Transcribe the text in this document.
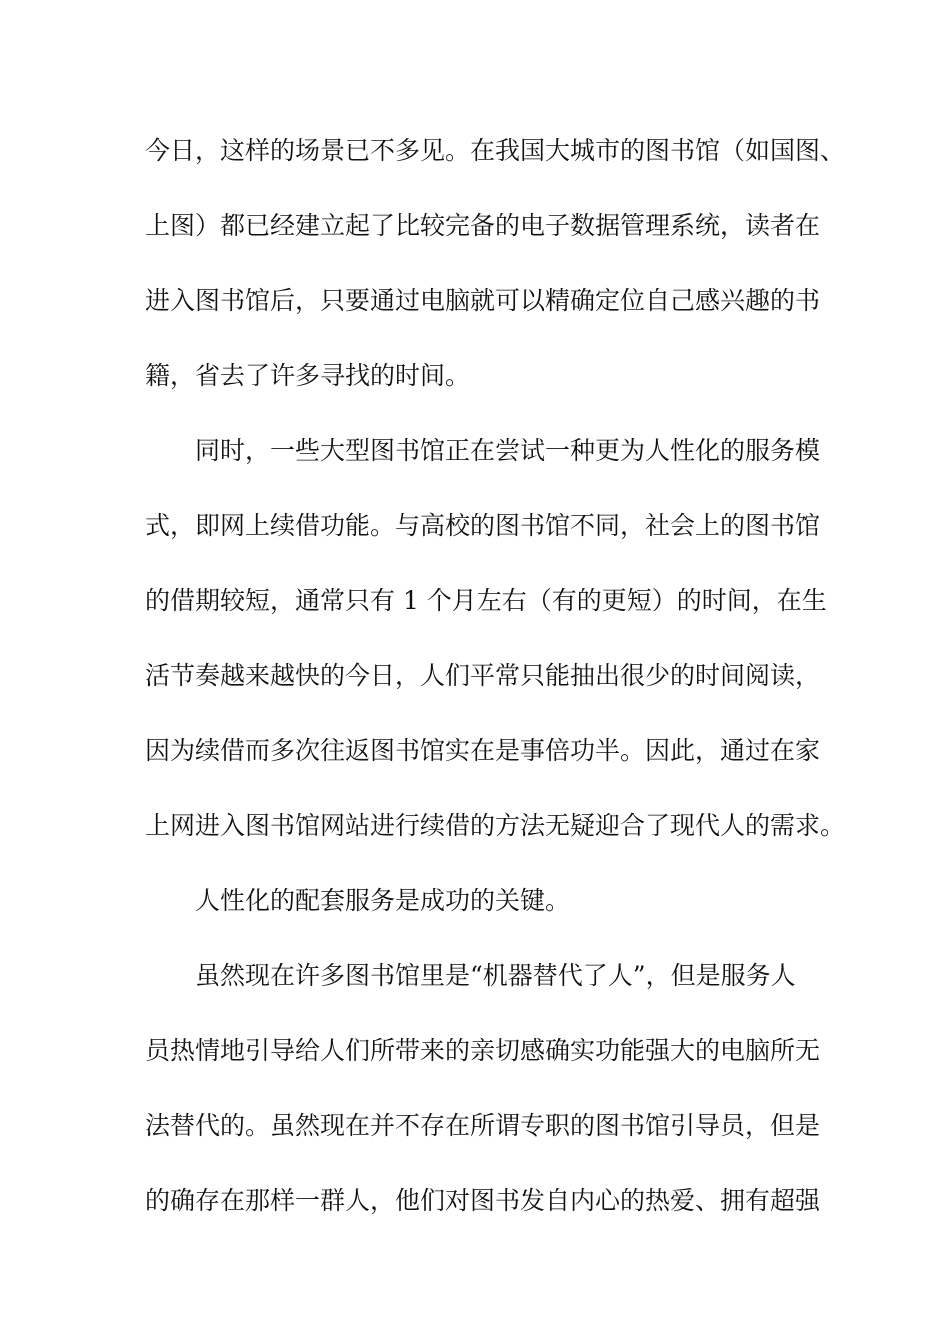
今日，这样的场景已不多见。在我国大城市的图书馆（如国图、
上图）都已经建立起了比较完备的电子数据管理系统，读者在
进入图书馆后，只要通过电脑就可以精确定位自己感兴趣的书
籍，省去了许多寻找的时间。
同时，一些大型图书馆正在尝试一种更为人性化的服务模
式，即网上续借功能。与高校的图书馆不同，社会上的图书馆
的借期较短，通常只有 1 个月左右（有的更短）的时间，在生
活节奏越来越快的今日，人们平常只能抽出很少的时间阅读，
因为续借而多次往返图书馆实在是事倍功半。因此，通过在家
上网进入图书馆网站进行续借的方法无疑迎合了现代人的需求。
人性化的配套服务是成功的关键。
虽然现在许多图书馆里是“机器替代了人”，但是服务人
员热情地引导给人们所带来的亲切感确实功能强大的电脑所无
法替代的。虽然现在并不存在所谓专职的图书馆引导员，但是
的确存在那样一群人，他们对图书发自内心的热爱、拥有超强
